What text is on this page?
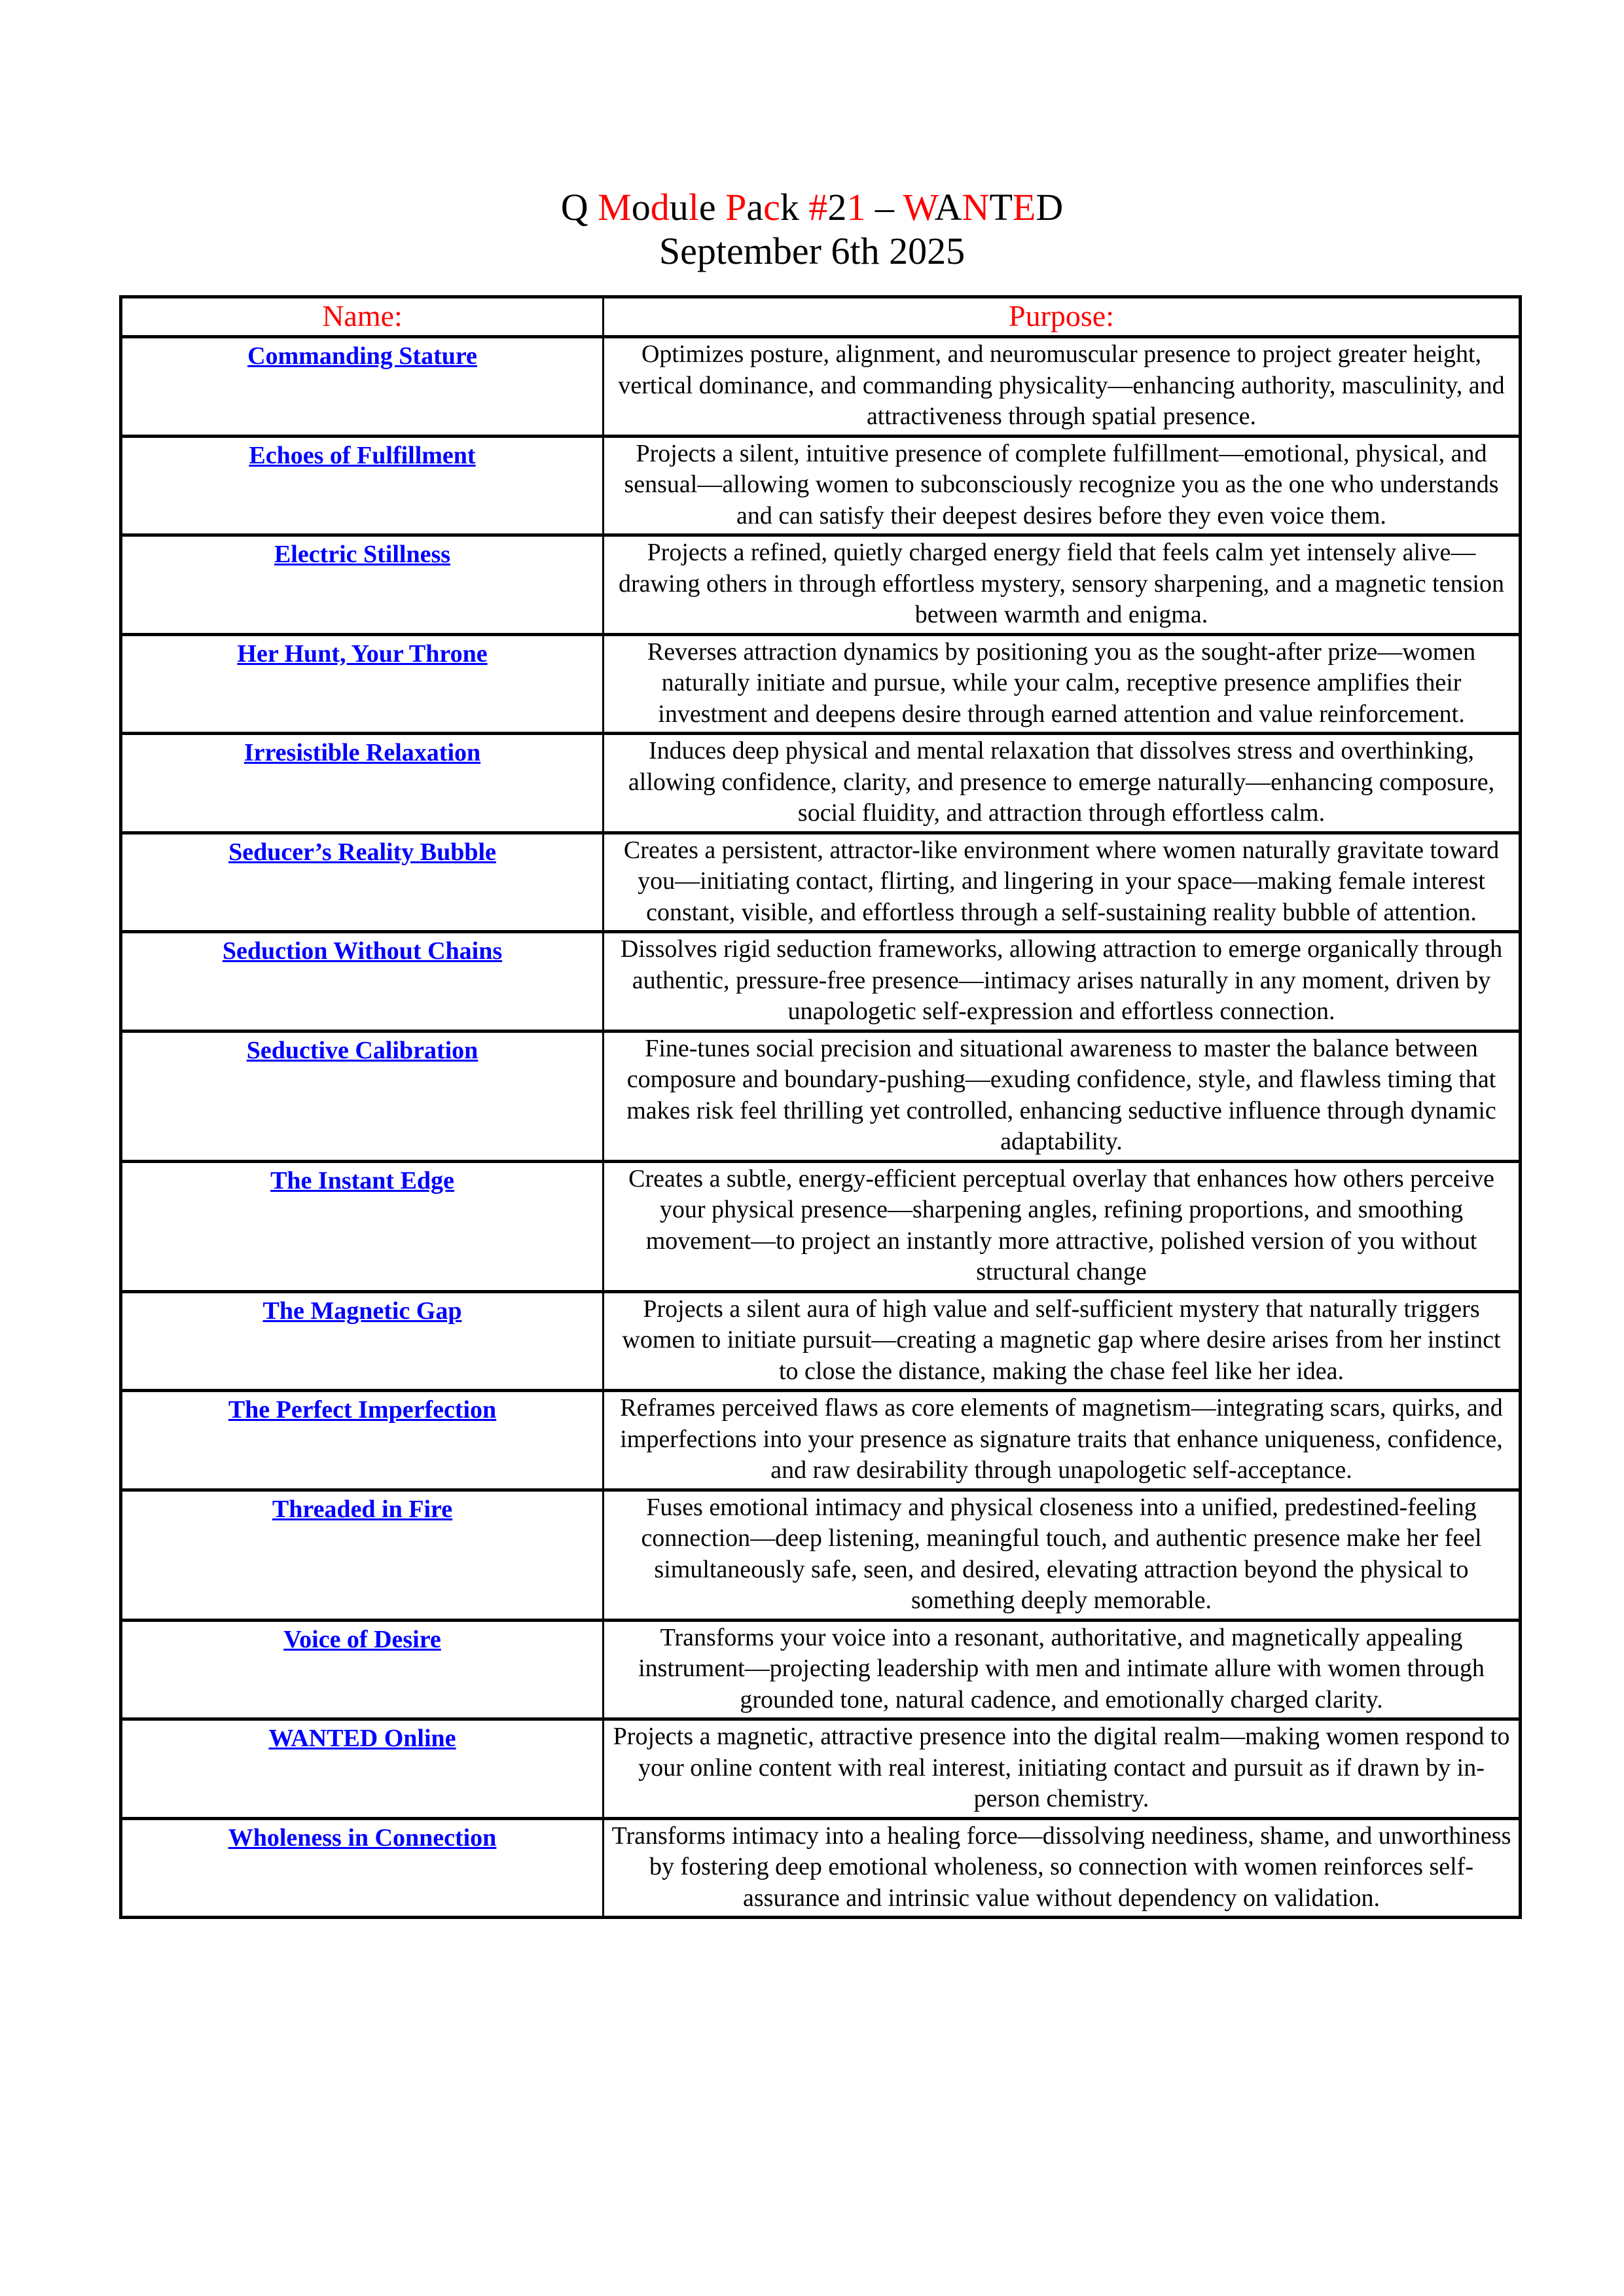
Q Module Pack #21 – WANTED
September 6th 2025
Name:	Purpose:
Commanding Stature	Optimizes posture, alignment, and neuromuscular presence to project greater height, vertical dominance, and commanding physicality—enhancing authority, masculinity, and attractiveness through spatial presence.
Echoes of Fulfillment	Projects a silent, intuitive presence of complete fulfillment—emotional, physical, and sensual—allowing women to subconsciously recognize you as the one who understands and can satisfy their deepest desires before they even voice them.
Electric Stillness	Projects a refined, quietly charged energy field that feels calm yet intensely alive—drawing others in through effortless mystery, sensory sharpening, and a magnetic tension between warmth and enigma.
Her Hunt, Your Throne	Reverses attraction dynamics by positioning you as the sought-after prize—women naturally initiate and pursue, while your calm, receptive presence amplifies their investment and deepens desire through earned attention and value reinforcement.
Irresistible Relaxation	Induces deep physical and mental relaxation that dissolves stress and overthinking, allowing confidence, clarity, and presence to emerge naturally—enhancing composure, social fluidity, and attraction through effortless calm.
Seducer’s Reality Bubble	Creates a persistent, attractor-like environment where women naturally gravitate toward you—initiating contact, flirting, and lingering in your space—making female interest constant, visible, and effortless through a self-sustaining reality bubble of attention.
Seduction Without Chains	Dissolves rigid seduction frameworks, allowing attraction to emerge organically through authentic, pressure-free presence—intimacy arises naturally in any moment, driven by unapologetic self-expression and effortless connection.
Seductive Calibration	Fine-tunes social precision and situational awareness to master the balance between composure and boundary-pushing—exuding confidence, style, and flawless timing that makes risk feel thrilling yet controlled, enhancing seductive influence through dynamic adaptability.
The Instant Edge	Creates a subtle, energy-efficient perceptual overlay that enhances how others perceive your physical presence—sharpening angles, refining proportions, and smoothing movement—to project an instantly more attractive, polished version of you without structural change
The Magnetic Gap	Projects a silent aura of high value and self-sufficient mystery that naturally triggers women to initiate pursuit—creating a magnetic gap where desire arises from her instinct to close the distance, making the chase feel like her idea.
The Perfect Imperfection	Reframes perceived flaws as core elements of magnetism—integrating scars, quirks, and imperfections into your presence as signature traits that enhance uniqueness, confidence, and raw desirability through unapologetic self-acceptance.
Threaded in Fire	Fuses emotional intimacy and physical closeness into a unified, predestined-feeling connection—deep listening, meaningful touch, and authentic presence make her feel simultaneously safe, seen, and desired, elevating attraction beyond the physical to something deeply memorable.
Voice of Desire	Transforms your voice into a resonant, authoritative, and magnetically appealing instrument—projecting leadership with men and intimate allure with women through grounded tone, natural cadence, and emotionally charged clarity.
WANTED Online	Projects a magnetic, attractive presence into the digital realm—making women respond to your online content with real interest, initiating contact and pursuit as if drawn by in-person chemistry.
Wholeness in Connection	Transforms intimacy into a healing force—dissolving neediness, shame, and unworthiness by fostering deep emotional wholeness, so connection with women reinforces self-assurance and intrinsic value without dependency on validation.
